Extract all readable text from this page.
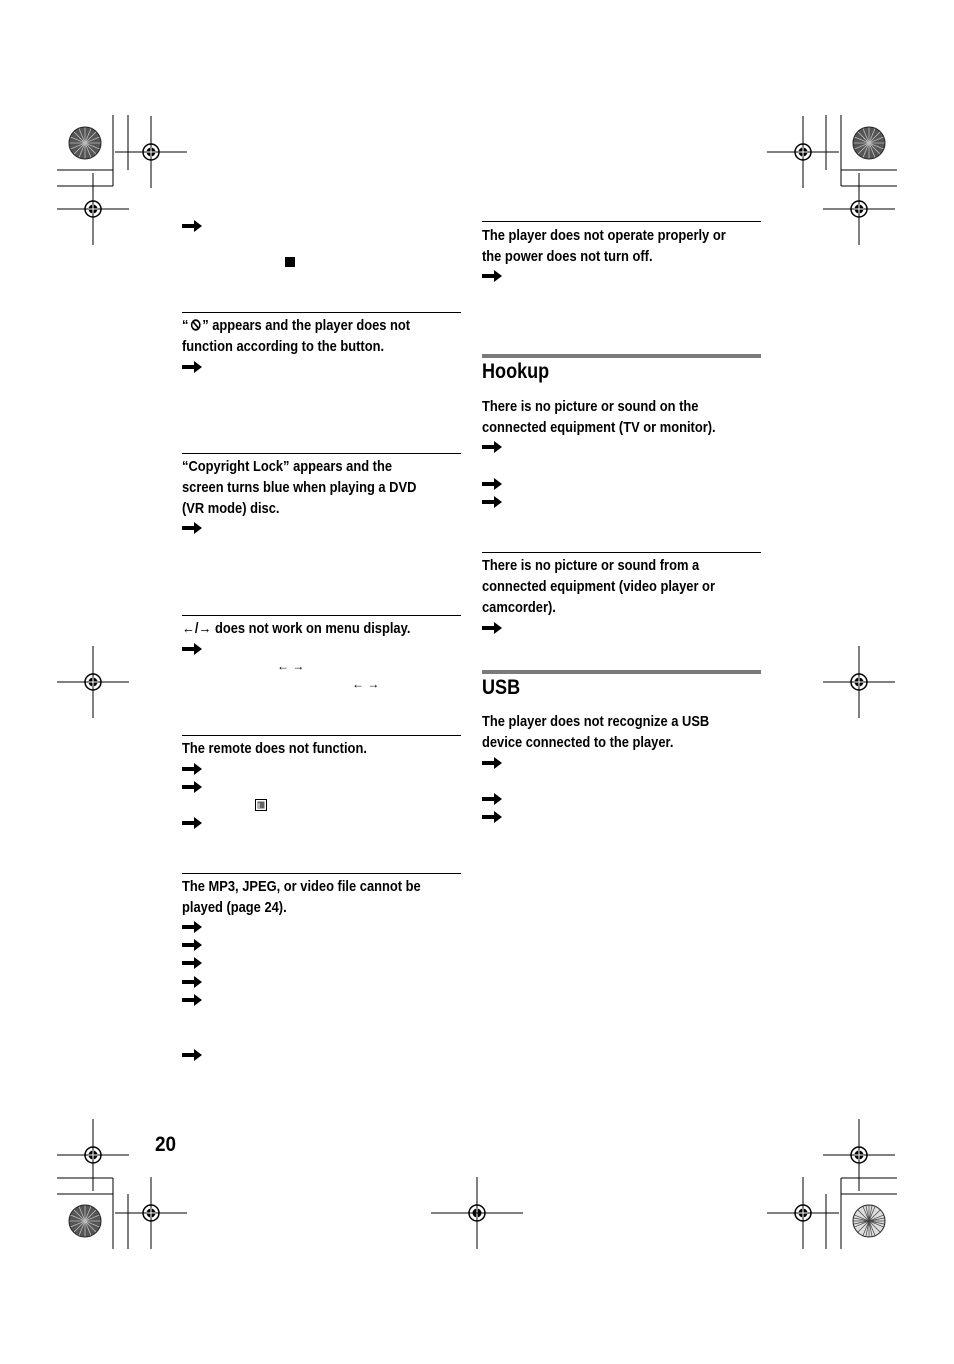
“ ” appears and the player does not
function according to the button.
“Copyright Lock” appears and the
screen turns blue when playing a DVD
(VR mode) disc.
←/→ does not work on menu display.
← →
← →
The remote does not function.
The MP3, JPEG, or video file cannot be
played (page 24).
The player does not operate properly or
the power does not turn off.
Hookup
There is no picture or sound on the
connected equipment (TV or monitor).
There is no picture or sound from a
connected equipment (video player or
camcorder).
USB
The player does not recognize a USB
device connected to the player.
20
